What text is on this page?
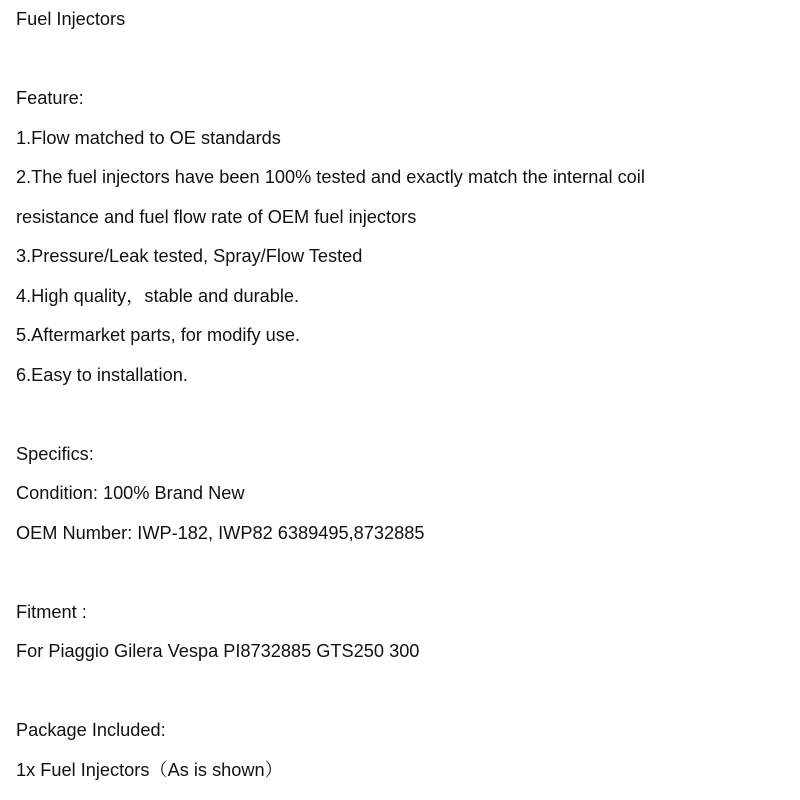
Fuel Injectors
Feature:
1.Flow matched to OE standards
2.The fuel injectors have been 100% tested and exactly match the internal coil
resistance and fuel flow rate of OEM fuel injectors
3.Pressure/Leak tested, Spray/Flow Tested
4.High quality，stable and durable.
5.Aftermarket parts, for modify use.
6.Easy to installation.
Specifics:
Condition: 100% Brand New
OEM Number: IWP-182, IWP82 6389495,8732885
Fitment :
For Piaggio Gilera Vespa PI8732885 GTS250 300
Package Included:
1x Fuel Injectors（As is shown）
